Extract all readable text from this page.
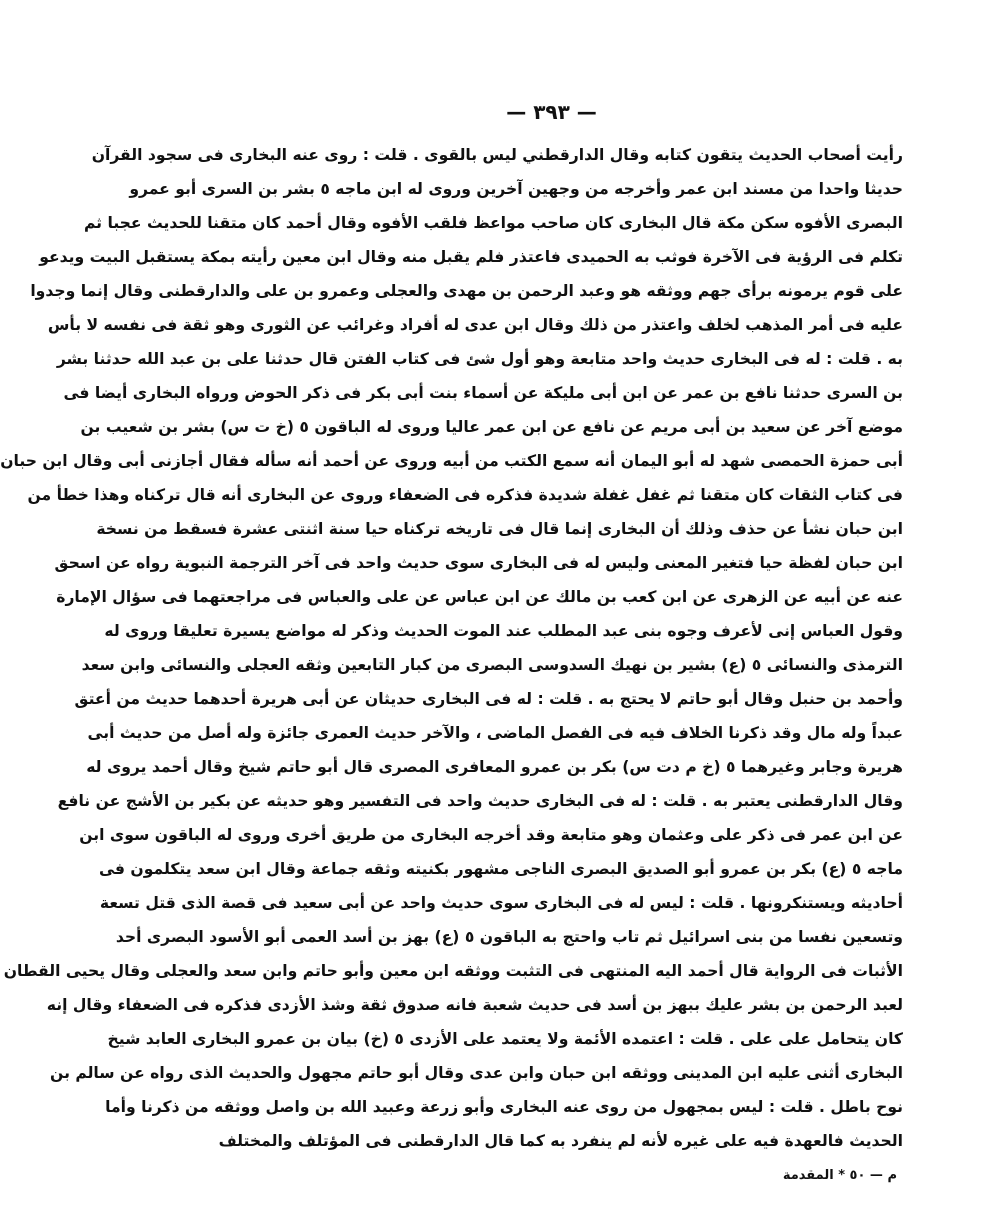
— ٣٩٣ —
رأيت أصحاب الحديث يتقون كتابه وقال الدارقطني ليس بالقوى . قلت : روى عنه البخارى فى سجود القرآن
حديثا واحدا من مسند ابن عمر وأخرجه من وجهين آخرين وروى له ابن ماجه ٥ بشر بن السرى أبو عمرو
البصرى الأفوه سكن مكة قال البخارى كان صاحب مواعظ فلقب الأفوه وقال أحمد كان متقنا للحديث عجبا ثم
تكلم فى الرؤية فى الآخرة فوثب به الحميدى فاعتذر فلم يقبل منه وقال ابن معين رأيته بمكة يستقبل البيت ويدعو
على قوم يرمونه برأى جهم ووثقه هو وعبد الرحمن بن مهدى والعجلى وعمرو بن على والدارقطنى وقال إنما وجدوا
عليه فى أمر المذهب لخلف واعتذر من ذلك وقال ابن عدى له أفراد وغرائب عن الثورى وهو ثقة فى نفسه لا بأس
به . قلت : له فى البخارى حديث واحد متابعة وهو أول شئ فى كتاب الفتن قال حدثنا على بن عبد الله حدثنا بشر
بن السرى حدثنا نافع بن عمر عن ابن أبى مليكة عن أسماء بنت أبى بكر فى ذكر الحوض ورواه البخارى أيضا فى
موضع آخر عن سعيد بن أبى مريم عن نافع عن ابن عمر عاليا وروى له الباقون ٥ (خ ت س) بشر بن شعيب بن
أبى حمزة الحمصى شهد له أبو اليمان أنه سمع الكتب من أبيه وروى عن أحمد أنه سأله فقال أجازنى أبى وقال ابن حبان
فى كتاب الثقات كان متقنا ثم غفل غفلة شديدة فذكره فى الضعفاء وروى عن البخارى أنه قال تركناه وهذا خطأ من
ابن حبان نشأ عن حذف وذلك أن البخارى إنما قال فى تاريخه تركناه حيا سنة اثنتى عشرة فسقط من نسخة
ابن حبان لفظة حيا فتغير المعنى وليس له فى البخارى سوى حديث واحد فى آخر الترجمة النبوية رواه عن اسحق
عنه عن أبيه عن الزهرى عن ابن كعب بن مالك عن ابن عباس عن على والعباس فى مراجعتهما فى سؤال الإمارة
وقول العباس إنى لأعرف وجوه بنى عبد المطلب عند الموت الحديث وذكر له مواضع يسيرة تعليقا وروى له
الترمذى والنسائى ٥ (ع) بشير بن نهيك السدوسى البصرى من كبار التابعين وثقه العجلى والنسائى وابن سعد
وأحمد بن حنبل وقال أبو حاتم لا يحتج به . قلت : له فى البخارى حديثان عن أبى هريرة أحدهما حديث من أعتق
عبداً وله مال وقد ذكرنا الخلاف فيه فى الفصل الماضى ، والآخر حديث العمرى جائزة وله أصل من حديث أبى
هريرة وجابر وغيرهما ٥ (خ م دت س) بكر بن عمرو المعافرى المصرى قال أبو حاتم شيخ وقال أحمد يروى له
وقال الدارقطنى يعتبر به . قلت : له فى البخارى حديث واحد فى التفسير وهو حديثه عن بكير بن الأشج عن نافع
عن ابن عمر فى ذكر على وعثمان وهو متابعة وقد أخرجه البخارى من طريق أخرى وروى له الباقون سوى ابن
ماجه ٥ (ع) بكر بن عمرو أبو الصديق البصرى الناجى مشهور بكنيته وثقه جماعة وقال ابن سعد يتكلمون فى
أحاديثه ويستنكرونها . قلت : ليس له فى البخارى سوى حديث واحد عن أبى سعيد فى قصة الذى قتل تسعة
وتسعين نفسا من بنى اسرائيل ثم تاب واحتج به الباقون ٥ (ع) بهز بن أسد العمى أبو الأسود البصرى أحد
الأثبات فى الرواية قال أحمد اليه المنتهى فى التثبت ووثقه ابن معين وأبو حاتم وابن سعد والعجلى وقال يحيى القطان
لعبد الرحمن بن بشر عليك ببهز بن أسد فى حديث شعبة فانه صدوق ثقة وشذ الأزدى فذكره فى الضعفاء وقال إنه
كان يتحامل على على . قلت : اعتمده الأئمة ولا يعتمد على الأزدى ٥ (خ) بيان بن عمرو البخارى العابد شيخ
البخارى أثنى عليه ابن المدينى ووثقه ابن حبان وابن عدى وقال أبو حاتم مجهول والحديث الذى رواه عن سالم بن
نوح باطل . قلت : ليس بمجهول من روى عنه البخارى وأبو زرعة وعبيد الله بن واصل ووثقه من ذكرنا وأما
الحديث فالعهدة فيه على غيره لأنه لم ينفرد به كما قال الدارقطنى فى المؤتلف والمختلف
م — ٥٠ * المقدمة
